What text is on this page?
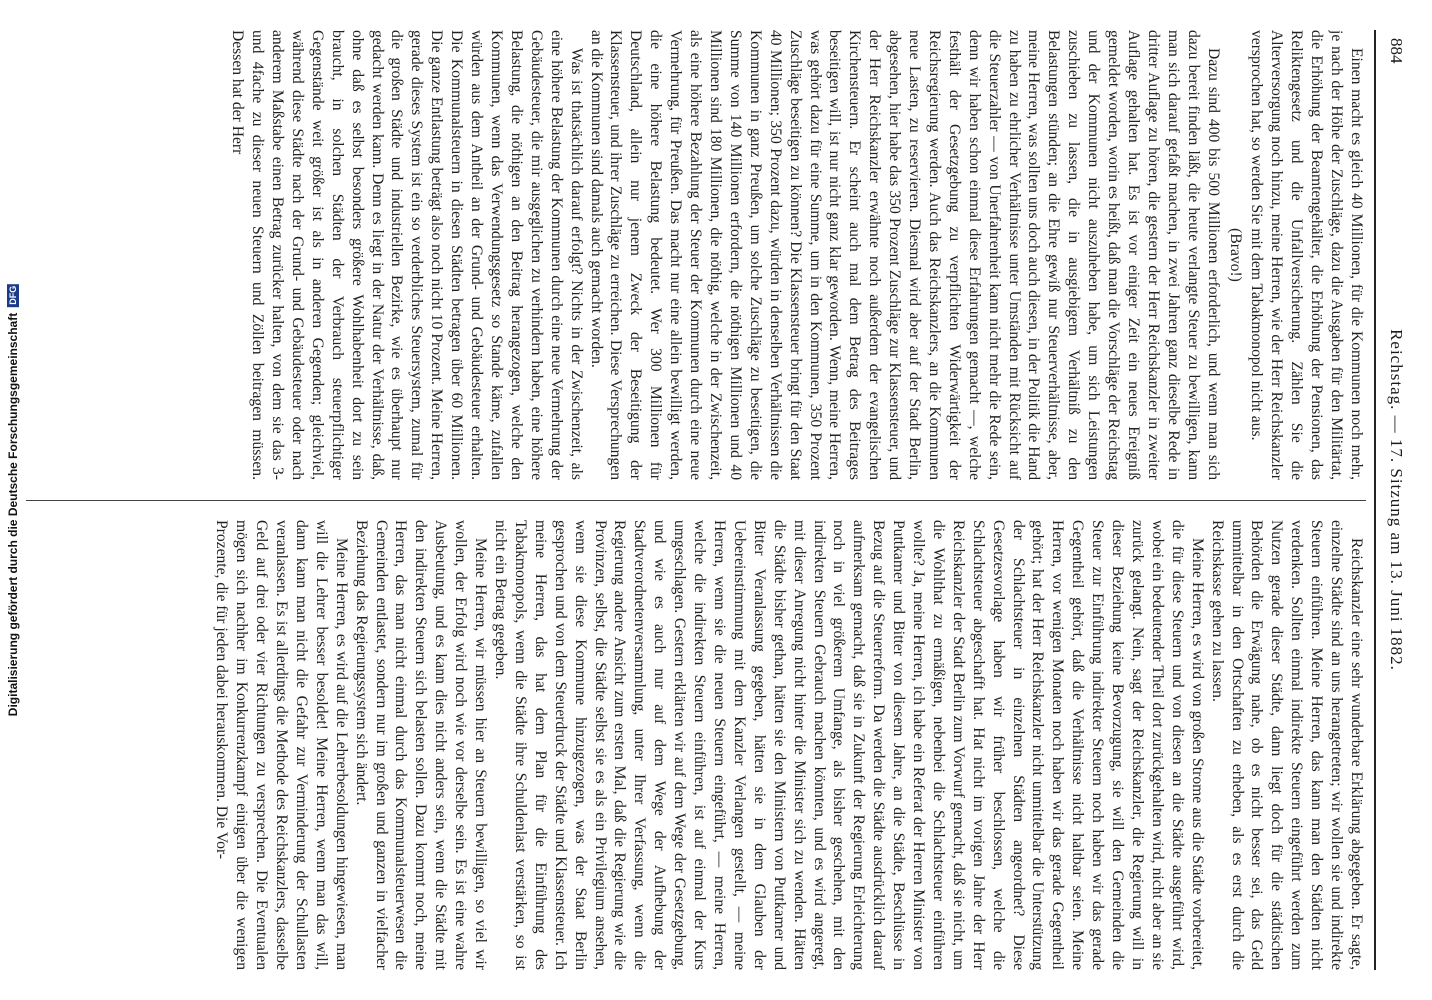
884
Reichstag. — 17. Sitzung am 13. Juni 1882.

Einen macht es gleich 40 Millionen, für die Kommunen noch mehr, je nach der Höhe der Zuschläge, dazu die Ausgaben für den Militärtat, die Erhöhung der Beamtengehälter, die Erhöhung der Pensionen, das Reliktengesetz und die Unfallversicherung. Zählen Sie die Alterversorgung noch hinzu, meine Herren, wie der Herr Reichskanzler versprochen hat, so werden Sie mit dem Tabakmonopol nicht aus.

(Bravo!)

Dazu sind 400 bis 500 Millionen erforderlich, und wenn man sich dazu bereit finden läßt, die heute verlangte Steuer zu bewilligen, kann man sich darauf gefaßt machen, in zwei Jahren ganz dieselbe Rede in dritter Auflage zu hören, die gestern der Herr Reichskanzler in zweiter Auflage gehalten hat. Es ist vor einiger Zeit ein neues Ereigniß gemeldet worden, worin es heißt, daß man die Vorschläge der Reichstag und der Kommunen nicht auszuheben habe, um sich Leistungen zuschieben zu lassen, die in ausgiebigem Verhältniß zu den Belastungen stünden; an die Ehre gewiß nur Steuerverhältnisse, aber, meine Herren, was sollten uns doch auch diesen, in der Politik die Hand zu haben zu ehrlicher Verhältnisse unter Umständen mit Rücksicht auf die Steuerzahler — von Unerfahrenheit kann nicht mehr die Rede sein, denn wir haben schon einmal diese Erfahrungen gemacht —, welche festhält der Gesetzgebung zu verpflichten Widerwärtigkeit der Reichsregierung werden. Auch das Reichskanzlers, an die Kommunen neue Lasten, zu reservieren. Diesmal wird aber auf der Stadt Berlin, abgesehen, hier habe das 350 Prozent Zuschläge zur Klassensteuer, und der Herr Reichskanzler erwähnte noch außerdem der evangelischen Kirchensteuern. Er scheint auch mal dem Betrag des Beitrages beseitigen will, ist nur nicht ganz klar geworden. Wenn, meine Herren, was gehört dazu für eine Summe, um in den Kommunen, 350 Prozent Zuschläge beseitigen zu können? Die Klassensteuer bringt für den Staat 40 Millionen; 350 Prozent dazu, würden in denselben Verhältnissen die Kommunen in ganz Preußen, um solche Zuschläge zu beseitigen, die Summe von 140 Millionen erfordern, die nöthigen Millionen und 40 Millionen sind 180 Millionen, die nöthig, welche in der Zwischenzeit, als eine höhere Bezahlung der Steuer der Kommunen durch eine neue Vermehrung, für Preußen. Das macht nur eine allein bewilligt werden, die eine höhere Belastung bedeutet. Wer 300 Millionen für Deutschland, allein nur jenem Zweck der Beseitigung der Klassensteuer, und ihrer Zuschläge zu erreichen. Diese Versprechungen an die Kommunen sind damals auch gemacht worden.

Was ist thatsächlich darauf erfolgt? Nichts in der Zwischenzeit, als eine höhere Belastung der Kommunen durch eine neue Vermehrung der Gebäudesteuer, die mir ausgeglichen zu verhindern haben, eine höhere Belastung, die nöthigen an den Beitrag herangezogen, welche den Kommunen, wenn das Verwendungsgesetz so Stande käme, zufallen würden aus dem Antheil an der Grund- und Gebäudesteuer erhalten. Die Kommunalsteuern in diesen Städten betragen über 60 Millionen. Die ganze Entlastung beträgt also noch nicht 10 Prozent. Meine Herren, gerade dieses System ist ein so verderbliches Steuersystem, zumal für die großen Städte und industriellen Bezirke, wie es überhaupt nur gedacht werden kann. Denn es liegt in der Natur der Verhältnisse, daß, ohne daß es selbst besonders größere Wohlhabenheit dort zu sein braucht, in solchen Städten der Verbrauch steuerpflichtiger Gegenstände weit größer ist als in anderen Gegenden; gleichviel, während diese Städte nach der Grund- und Gebäudesteuer oder nach anderem Maßstabe einen Betrag zurücker halten, von dem sie das 3- und 4fache zu dieser neuen Steuern und Zöllen beitragen müssen. Dessen hat der Herr

Reichskanzler eine sehr wunderbare Erklärung abgegeben. Er sagte, einzelne Städte sind an uns herangetreten; wir wollen sie und indirekte Steuern einführen. Meine Herren, das kann man den Städten nicht verdenken. Sollten einmal indirekte Steuern eingeführt werden zum Nutzen gerade dieser Städte, dann liegt doch für die städtischen Behörden die Erwägung nahe, ob es nicht besser sei, das Geld ummittelbar in den Ortschaften zu erheben, als es erst durch die Reichskasse gehen zu lassen.

Meine Herren, es wird von großen Strome aus die Städte vorbereitet, die für diese Steuern und von diesen an die Städte ausgeführt wird, wobei ein bedeutender Theil dort zurückgehalten wird, nicht aber an sie zurück gelangt. Nein, sagt der Reichskanzler, die Regierung will in dieser Beziehung keine Bevorzugung, sie will den Gemeinden die Steuer zur Einführung indirekter Steuern noch haben wir das gerade Gegentheil gehört, daß die Verhältnisse nicht haltbar seien. Meine Herren, vor wenigen Monaten noch haben wir das gerade Gegentheil gehört; hat der Herr Reichskanzler nicht unmittelbar die Unterstützung der Schlachtsteuer in einzelnen Städten angeordnet? Diese Gesetzesvorlage haben wir früher beschlossen, welche die Schlachtsteuer abgeschafft hat. Hat nicht im vorigen Jahre der Herr Reichskanzler der Stadt Berlin zum Vorwurf gemacht, daß sie nicht, um die Wohlthat zu ermäßigen, nebenbei die Schlachtsteuer einführen wollte? Ja, meine Herren, ich habe ein Referat der Herren Minister von Puttkamer und Bitter von diesem Jahre, an die Städte, Beschlüsse in Bezug auf die Steuerreform. Da werden die Städte ausdrücklich darauf aufmerksam gemacht, daß sie in Zukunft der Regierung Erleichterung noch in viel größerem Umfange, als bisher geschehen, mit den indirekten Steuern Gebrauch machen könnten, und es wird angeregt, mit dieser Anregung nicht hinter die Minister sich zu wenden. Hätten die Städte bisher gethan, hätten sie den Ministern von Puttkamer und Bitter Veranlassung gegeben, hätten sie in dem Glauben der Uebereinstimmung mit dem Kanzler Verlangen gestellt, — meine Herren, wenn sie die neuen Steuern eingeführt, — meine Herren, welche die indirekten Steuern einführen, ist auf einmal der Kurs umgeschlagen. Gestern erklärten wir auf dem Wege der Gesetzgebung, und wie es auch nur auf dem Wege der Aufhebung der Stadtverordnetenversammlung, unter Ihrer Verfassung, wenn die Regierung andere Ansicht zum ersten Mal, daß die Regierung wie die Provinzen, selbst, die Städte selbst sie es als ein Privilegium ansehen, wenn sie diese Kommune hinzugezogen, was der Staat Berlin gesprochen und von dem Steuerdruck der Städte und Klassensteuer. Ich meine Herren, das hat dem Plan für die Einführung des Tabakmonopols, wenn die Städte ihre Schuldenlast verstärken, so ist nicht ein Betrag gegeben.

Meine Herren, wir müssen hier an Steuern bewilligen, so viel wir wollen, der Erfolg wird noch wie vor derselbe sein. Es ist eine wahre Ausbeutung, und es kann dies nicht anders sein, wenn die Städte mit den indirekten Steuern sich belasten sollen. Dazu kommt noch, meine Herren, das man nicht einmal durch das Kommunalsteuerwesen die Gemeinden entlastet, sondern nur im großen und ganzen in vielfacher Beziehung das Regierungssystem sich ändert.

Meine Herren, es wird auf die Lehrerbesoldungen hingewiesen, man will die Lehrer besser besoldet! Meine Herren, wenn man das will, dann kann man nicht die Gefahr zur Verminderung der Schullasten veranlassen. Es ist allerdings die Methode des Reichskanzlers, dasselbe Geld auf drei oder vier Richtungen zu versprechen. Die Eventualen mögen sich nachher im Konkurrenzkampf einigen über die wenigen Prozente, die für jeden dabei herauskommen. Die Vor-

Digitalisierung gefördert durch die Deutsche Forschungsgemeinschaft
DFG
